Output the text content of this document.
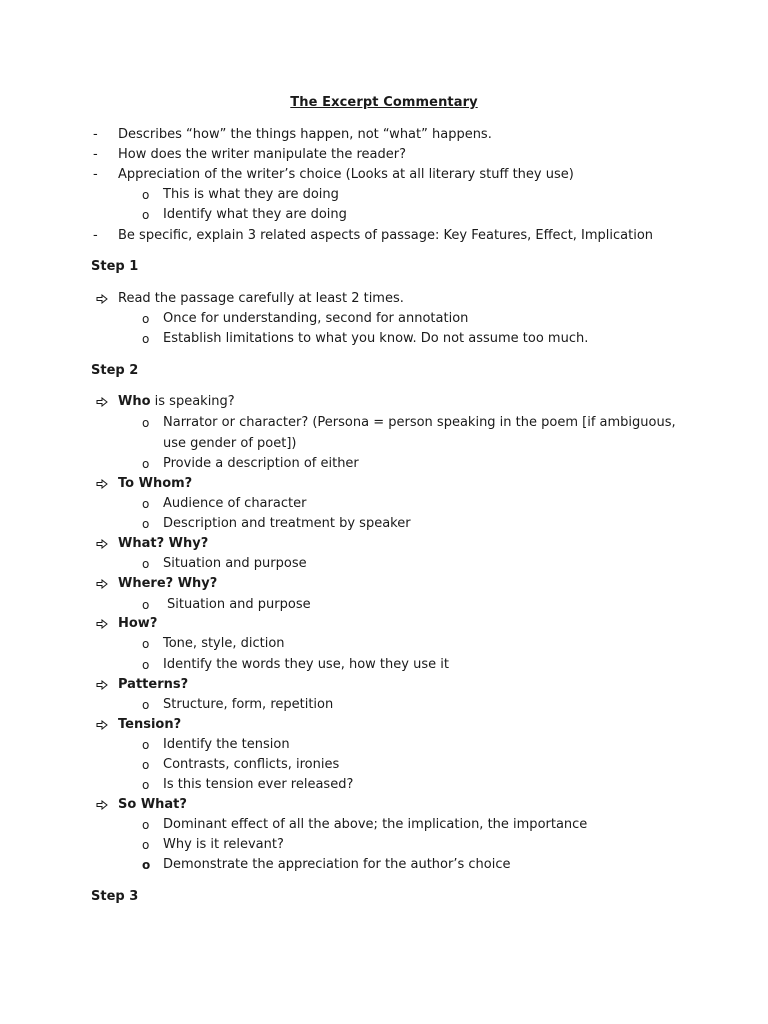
The Excerpt Commentary
-	Describes “how” the things happen, not “what” happens.
-	How does the writer manipulate the reader?
-	Appreciation of the writer’s choice (Looks at all literary stuff they use)
o This is what they are doing
o Identify what they are doing
-	Be specific, explain 3 related aspects of passage: Key Features, Effect, Implication
Step 1
Read the passage carefully at least 2 times.
o Once for understanding, second for annotation
o Establish limitations to what you know. Do not assume too much.
Step 2
Who is speaking?
o Narrator or character? (Persona = person speaking in the poem [if ambiguous,
use gender of poet])
o Provide a description of either
To Whom?
o Audience of character
o Description and treatment by speaker
What? Why?
o Situation and purpose
Where? Why?
o Situation and purpose
How?
o Tone, style, diction
o Identify the words they use, how they use it
Patterns?
o Structure, form, repetition
Tension?
o Identify the tension
o Contrasts, conflicts, ironies
o Is this tension ever released?
So What?
o Dominant effect of all the above; the implication, the importance
o Why is it relevant?
o Demonstrate the appreciation for the author’s choice
Step 3
